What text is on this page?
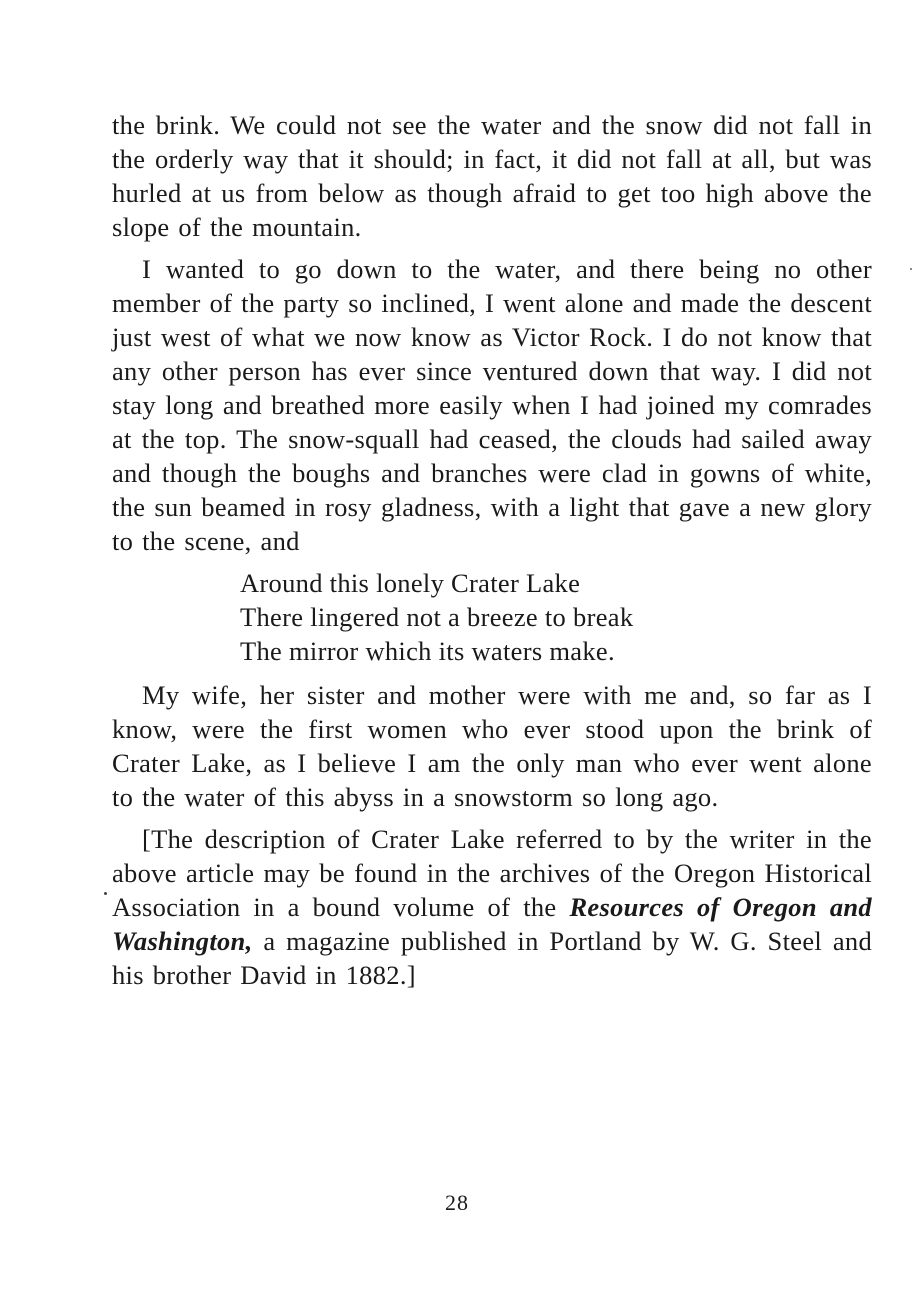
the brink. We could not see the water and the snow did not fall in the orderly way that it should; in fact, it did not fall at all, but was hurled at us from below as though afraid to get too high above the slope of the mountain.

I wanted to go down to the water, and there being no other member of the party so inclined, I went alone and made the descent just west of what we now know as Victor Rock. I do not know that any other person has ever since ventured down that way. I did not stay long and breathed more easily when I had joined my comrades at the top. The snow-squall had ceased, the clouds had sailed away and though the boughs and branches were clad in gowns of white, the sun beamed in rosy gladness, with a light that gave a new glory to the scene, and

Around this lonely Crater Lake
There lingered not a breeze to break
The mirror which its waters make.

My wife, her sister and mother were with me and, so far as I know, were the first women who ever stood upon the brink of Crater Lake, as I believe I am the only man who ever went alone to the water of this abyss in a snowstorm so long ago.

[The description of Crater Lake referred to by the writer in the above article may be found in the archives of the Oregon Historical Association in a bound volume of the Resources of Oregon and Washington, a magazine published in Portland by W. G. Steel and his brother David in 1882.]

28
